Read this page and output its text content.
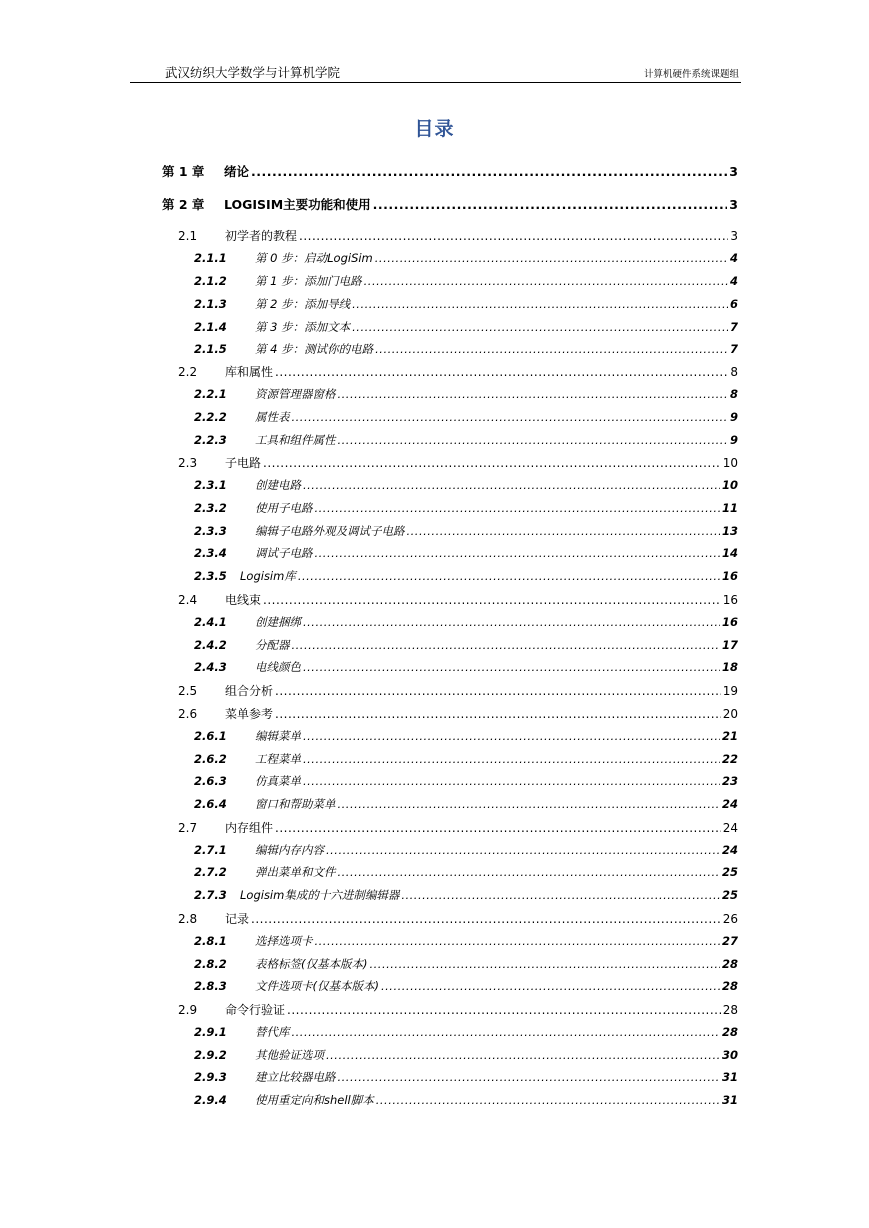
武汉纺织大学数学与计算机学院	计算机硬件系统课题组
目录
第 1 章	绪论 .....	3
第 2 章	LOGISIM主要功能和使用 .....	3
2.1	初学者的教程 .....	3
2.1.1	第 0 步：启动LogiSim .....	4
2.1.2	第 1 步：添加门电路 .....	4
2.1.3	第 2 步：添加导线 .....	6
2.1.4	第 3 步：添加文本 .....	7
2.1.5	第 4 步：测试你的电路 .....	7
2.2	库和属性 .....	8
2.2.1	资源管理器窗格 .....	8
2.2.2	属性表 .....	9
2.2.3	工具和组件属性 .....	9
2.3	子电路 .....	10
2.3.1	创建电路 .....	10
2.3.2	使用子电路 .....	11
2.3.3	编辑子电路外观及调试子电路 .....	13
2.3.4	调试子电路 .....	14
2.3.5	Logisim库 .....	16
2.4	电线束 .....	16
2.4.1	创建捆绑 .....	16
2.4.2	分配器 .....	17
2.4.3	电线颜色 .....	18
2.5	组合分析 .....	19
2.6	菜单参考 .....	20
2.6.1	编辑菜单 .....	21
2.6.2	工程菜单 .....	22
2.6.3	仿真菜单 .....	23
2.6.4	窗口和帮助菜单 .....	24
2.7	内存组件 .....	24
2.7.1	编辑内存内容 .....	24
2.7.2	弹出菜单和文件 .....	25
2.7.3	Logisim集成的十六进制编辑器 .....	25
2.8	记录 .....	26
2.8.1	选择选项卡 .....	27
2.8.2	表格标签(仅基本版本) .....	28
2.8.3	文件选项卡(仅基本版本) .....	28
2.9	命令行验证 .....	28
2.9.1	替代库 .....	28
2.9.2	其他验证选项 .....	30
2.9.3	建立比较器电路 .....	31
2.9.4	使用重定向和shell脚本 .....	31
